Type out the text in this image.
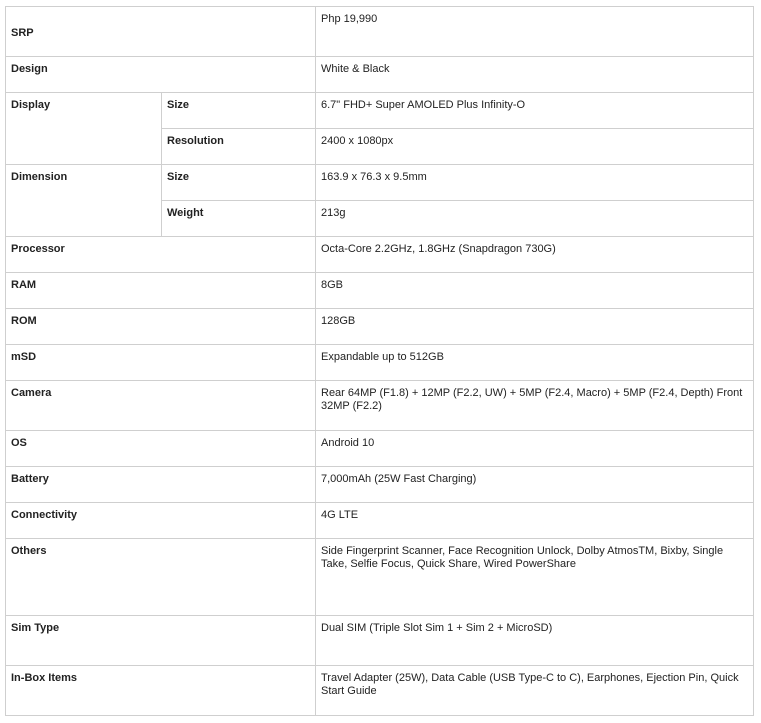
SRP		Php 19,990
Design		White & Black
Display	Size	6.7" FHD+ Super AMOLED Plus Infinity-O
	Resolution	2400 x 1080px
Dimension	Size	163.9 x 76.3 x 9.5mm
	Weight	213g
Processor		Octa-Core 2.2GHz, 1.8GHz (Snapdragon 730G)
RAM		8GB
ROM		128GB
mSD		Expandable up to 512GB
Camera		Rear 64MP (F1.8) + 12MP (F2.2, UW) + 5MP (F2.4, Macro) + 5MP (F2.4, Depth) Front 32MP (F2.2)
OS		Android 10
Battery		7,000mAh (25W Fast Charging)
Connectivity		4G LTE
Others		Side Fingerprint Scanner, Face Recognition Unlock, Dolby AtmosTM, Bixby, Single Take, Selfie Focus, Quick Share, Wired PowerShare
Sim Type		Dual SIM (Triple Slot Sim 1 + Sim 2 + MicroSD)
In-Box Items		Travel Adapter (25W), Data Cable (USB Type-C to C), Earphones, Ejection Pin, Quick Start Guide
